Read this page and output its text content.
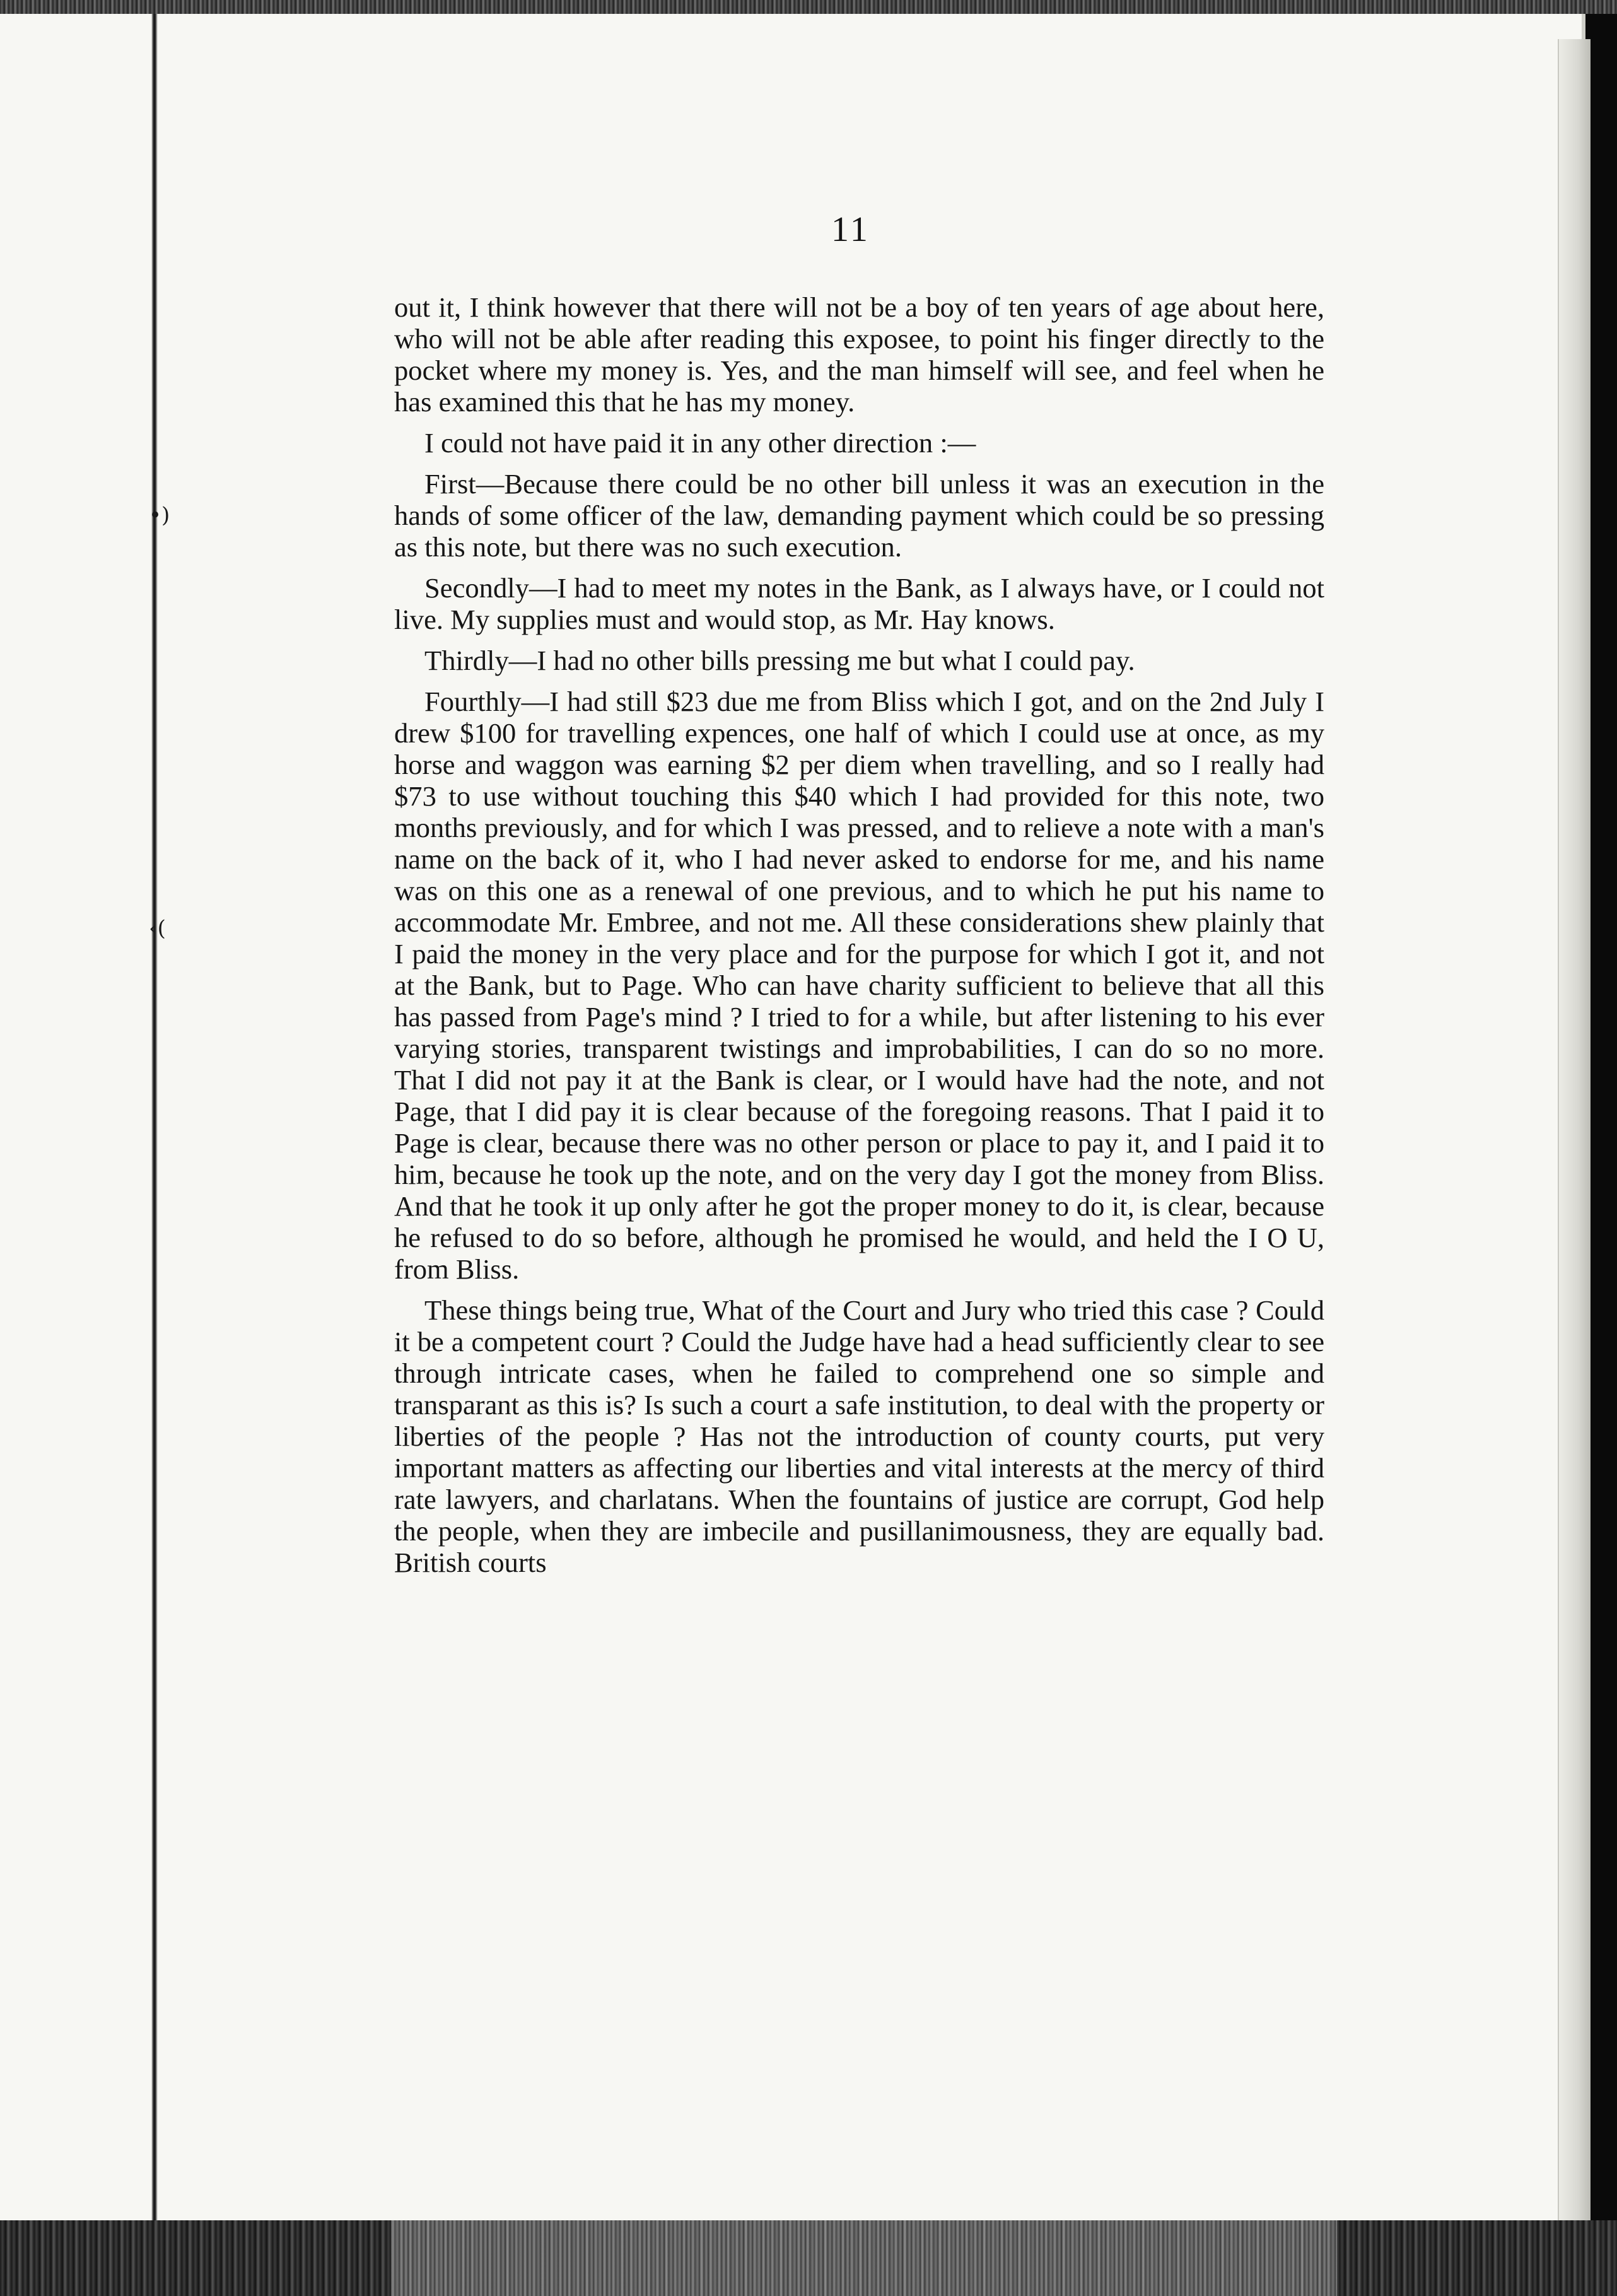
•)
‹(
11

out it, I think however that there will not be a boy of ten years of age about here, who will not be able after reading this exposee, to point his finger directly to the pocket where my money is. Yes, and the man himself will see, and feel when he has examined this that he has my money.

I could not have paid it in any other direction :—

First—Because there could be no other bill unless it was an execution in the hands of some officer of the law, demanding payment which could be so pressing as this note, but there was no such execution.

Secondly—I had to meet my notes in the Bank, as I always have, or I could not live. My supplies must and would stop, as Mr. Hay knows.

Thirdly—I had no other bills pressing me but what I could pay.

Fourthly—I had still $23 due me from Bliss which I got, and on the 2nd July I drew $100 for travelling expences, one half of which I could use at once, as my horse and waggon was earning $2 per diem when travelling, and so I really had $73 to use without touching this $40 which I had provided for this note, two months previously, and for which I was pressed, and to relieve a note with a man's name on the back of it, who I had never asked to endorse for me, and his name was on this one as a renewal of one previous, and to which he put his name to accommodate Mr. Embree, and not me. All these considerations shew plainly that I paid the money in the very place and for the purpose for which I got it, and not at the Bank, but to Page. Who can have charity sufficient to believe that all this has passed from Page's mind ? I tried to for a while, but after listening to his ever varying stories, transparent twistings and improbabilities, I can do so no more. That I did not pay it at the Bank is clear, or I would have had the note, and not Page, that I did pay it is clear because of the foregoing reasons. That I paid it to Page is clear, because there was no other person or place to pay it, and I paid it to him, because he took up the note, and on the very day I got the money from Bliss. And that he took it up only after he got the proper money to do it, is clear, because he refused to do so before, although he promised he would, and held the I O U, from Bliss.

These things being true, What of the Court and Jury who tried this case ? Could it be a competent court ? Could the Judge have had a head sufficiently clear to see through intricate cases, when he failed to comprehend one so simple and transparant as this is? Is such a court a safe institution, to deal with the property or liberties of the people ? Has not the introduction of county courts, put very important matters as affecting our liberties and vital interests at the mercy of third rate lawyers, and charlatans. When the fountains of justice are corrupt, God help the people, when they are imbecile and pusillanimousness, they are equally bad. British courts
